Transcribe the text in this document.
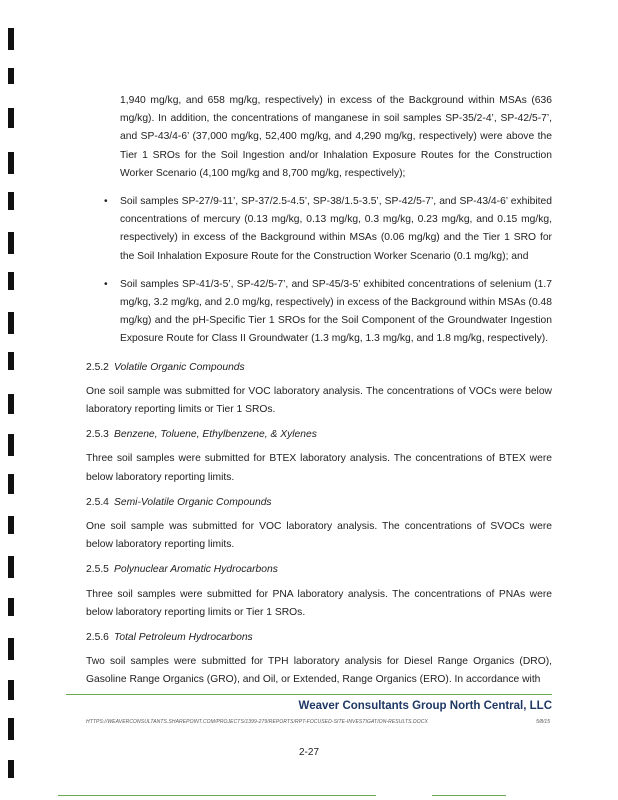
1,940 mg/kg, and 658 mg/kg, respectively) in excess of the Background within MSAs (636 mg/kg). In addition, the concentrations of manganese in soil samples SP-35/2-4’, SP-42/5-7’, and SP-43/4-6’ (37,000 mg/kg, 52,400 mg/kg, and 4,290 mg/kg, respectively) were above the Tier 1 SROs for the Soil Ingestion and/or Inhalation Exposure Routes for the Construction Worker Scenario (4,100 mg/kg and 8,700 mg/kg, respectively);
• Soil samples SP-27/9-11’, SP-37/2.5-4.5’, SP-38/1.5-3.5’, SP-42/5-7’, and SP-43/4-6’ exhibited concentrations of mercury (0.13 mg/kg, 0.13 mg/kg, 0.3 mg/kg, 0.23 mg/kg, and 0.15 mg/kg, respectively) in excess of the Background within MSAs (0.06 mg/kg) and the Tier 1 SRO for the Soil Inhalation Exposure Route for the Construction Worker Scenario (0.1 mg/kg); and
• Soil samples SP-41/3-5’, SP-42/5-7’, and SP-45/3-5’ exhibited concentrations of selenium (1.7 mg/kg, 3.2 mg/kg, and 2.0 mg/kg, respectively) in excess of the Background within MSAs (0.48 mg/kg) and the pH-Specific Tier 1 SROs for the Soil Component of the Groundwater Ingestion Exposure Route for Class II Groundwater (1.3 mg/kg, 1.3 mg/kg, and 1.8 mg/kg, respectively).
2.5.2 Volatile Organic Compounds

One soil sample was submitted for VOC laboratory analysis. The concentrations of VOCs were below laboratory reporting limits or Tier 1 SROs.

2.5.3 Benzene, Toluene, Ethylbenzene, & Xylenes

Three soil samples were submitted for BTEX laboratory analysis. The concentrations of BTEX were below laboratory reporting limits.

2.5.4 Semi-Volatile Organic Compounds

One soil sample was submitted for VOC laboratory analysis. The concentrations of SVOCs were below laboratory reporting limits.

2.5.5 Polynuclear Aromatic Hydrocarbons

Three soil samples were submitted for PNA laboratory analysis. The concentrations of PNAs were below laboratory reporting limits or Tier 1 SROs.

2.5.6 Total Petroleum Hydrocarbons

Two soil samples were submitted for TPH laboratory analysis for Diesel Range Organics (DRO), Gasoline Range Organics (GRO), and Oil, or Extended, Range Organics (ERO). In accordance with

Weaver Consultants Group North Central, LLC
HTTPS://WEAVERCONSULTANTS.SHAREPOINT.COM/PROJECTS/1399-279/REPORTS/RPT-FOCUSED-SITE-INVESTIGATION-RESULTS.DOCX	5/8/15
2-27
